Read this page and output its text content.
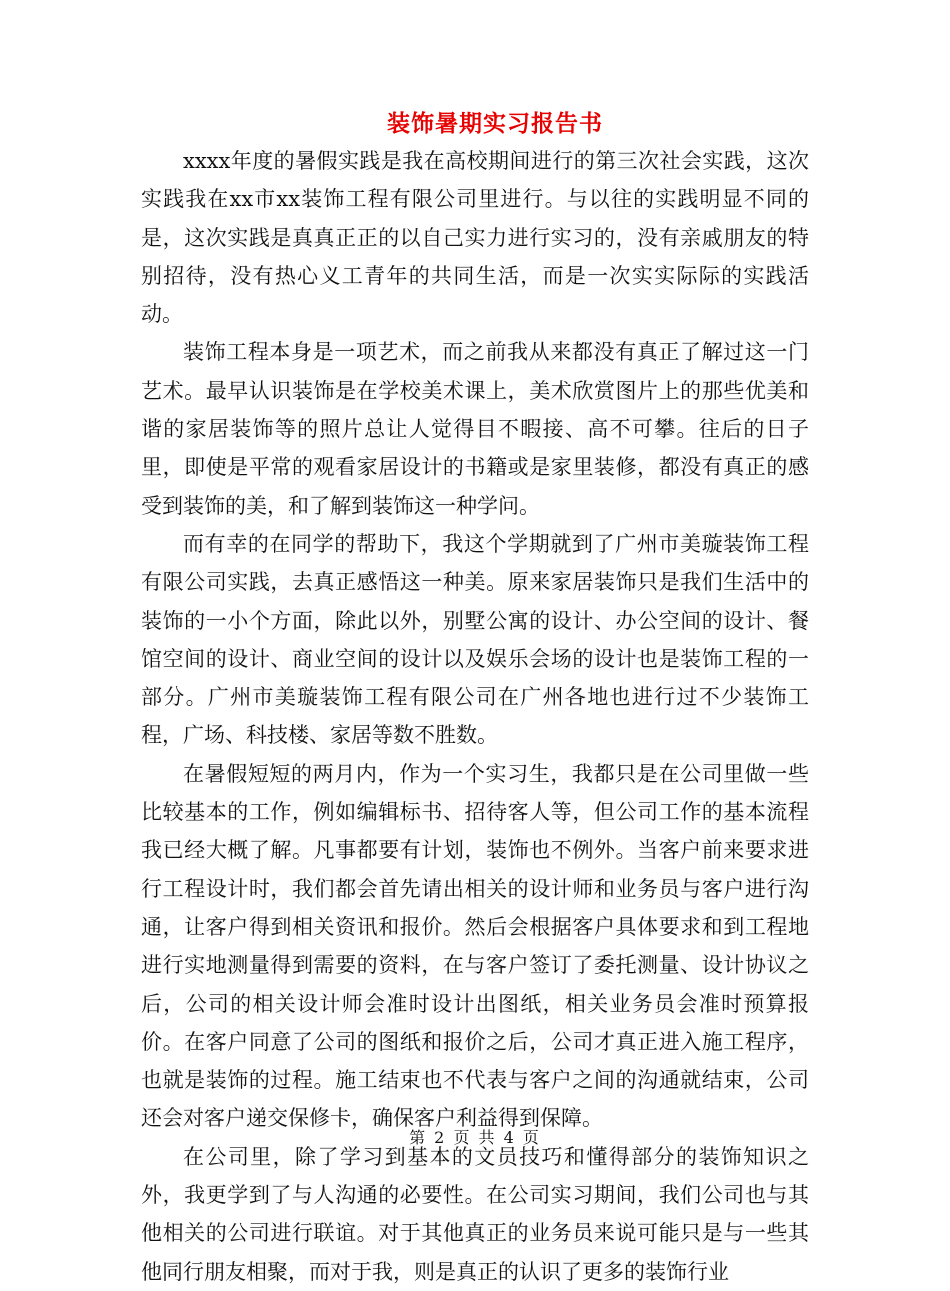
装饰暑期实习报告书

xxxx年度的暑假实践是我在高校期间进行的第三次社会实践，这次实践我在xx市xx装饰工程有限公司里进行。与以往的实践明显不同的是，这次实践是真真正正的以自己实力进行实习的，没有亲戚朋友的特别招待，没有热心义工青年的共同生活，而是一次实实际际的实践活动。

装饰工程本身是一项艺术，而之前我从来都没有真正了解过这一门艺术。最早认识装饰是在学校美术课上，美术欣赏图片上的那些优美和谐的家居装饰等的照片总让人觉得目不暇接、高不可攀。往后的日子里，即使是平常的观看家居设计的书籍或是家里装修，都没有真正的感受到装饰的美，和了解到装饰这一种学问。

而有幸的在同学的帮助下，我这个学期就到了广州市美璇装饰工程有限公司实践，去真正感悟这一种美。原来家居装饰只是我们生活中的装饰的一小个方面，除此以外，别墅公寓的设计、办公空间的设计、餐馆空间的设计、商业空间的设计以及娱乐会场的设计也是装饰工程的一部分。广州市美璇装饰工程有限公司在广州各地也进行过不少装饰工程，广场、科技楼、家居等数不胜数。

在暑假短短的两月内，作为一个实习生，我都只是在公司里做一些比较基本的工作，例如编辑标书、招待客人等，但公司工作的基本流程我已经大概了解。凡事都要有计划，装饰也不例外。当客户前来要求进行工程设计时，我们都会首先请出相关的设计师和业务员与客户进行沟通，让客户得到相关资讯和报价。然后会根据客户具体要求和到工程地进行实地测量得到需要的资料，在与客户签订了委托测量、设计协议之后，公司的相关设计师会准时设计出图纸，相关业务员会准时预算报价。在客户同意了公司的图纸和报价之后，公司才真正进入施工程序，也就是装饰的过程。施工结束也不代表与客户之间的沟通就结束，公司还会对客户递交保修卡，确保客户利益得到保障。

在公司里，除了学习到基本的文员技巧和懂得部分的装饰知识之外，我更学到了与人沟通的必要性。在公司实习期间，我们公司也与其他相关的公司进行联谊。对于其他真正的业务员来说可能只是与一些其他同行朋友相聚，而对于我，则是真正的认识了更多的装饰行业

第 2 页 共 4 页
